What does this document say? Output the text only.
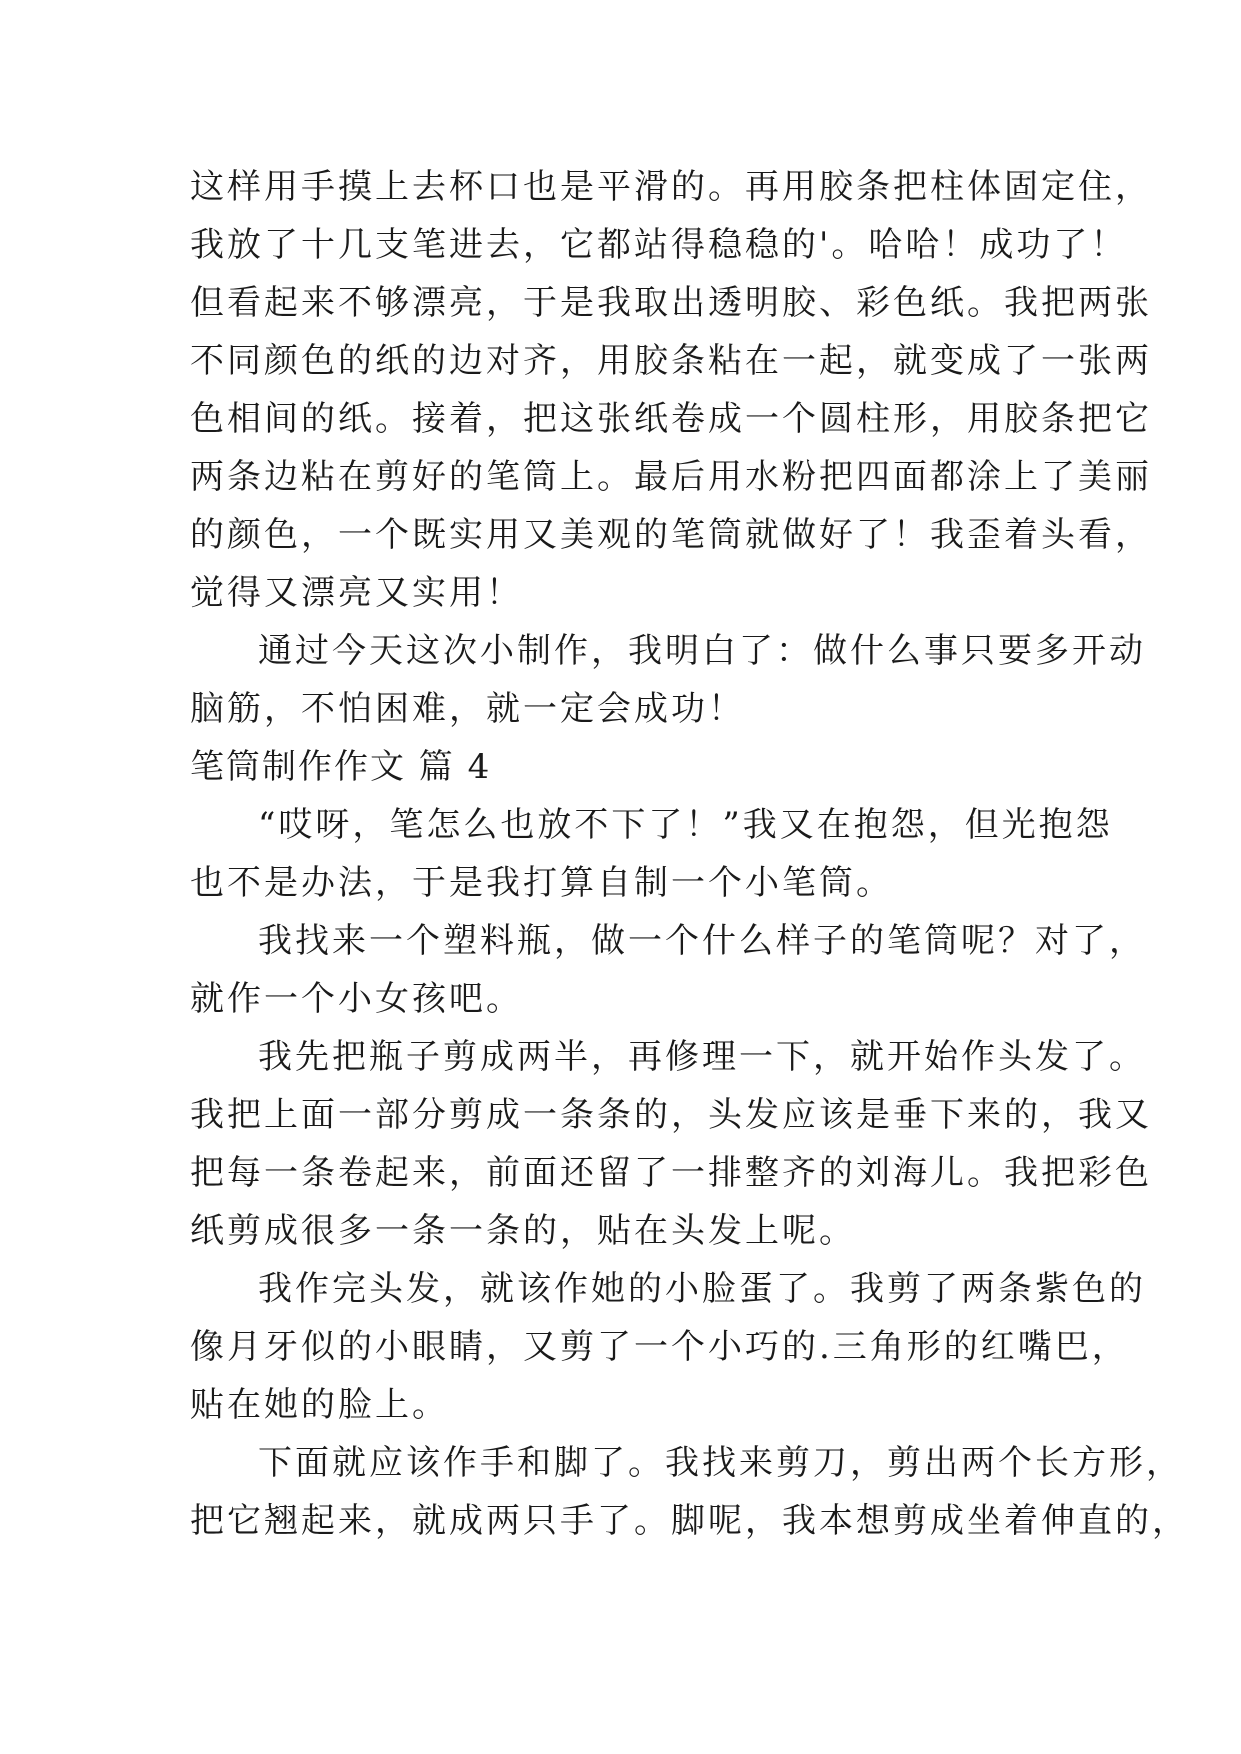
这样用手摸上去杯口也是平滑的。再用胶条把柱体固定住，
我放了十几支笔进去，它都站得稳稳的'。哈哈！成功了！
但看起来不够漂亮，于是我取出透明胶、彩色纸。我把两张
不同颜色的纸的边对齐，用胶条粘在一起，就变成了一张两
色相间的纸。接着，把这张纸卷成一个圆柱形，用胶条把它
两条边粘在剪好的笔筒上。最后用水粉把四面都涂上了美丽
的颜色，一个既实用又美观的笔筒就做好了！我歪着头看，
觉得又漂亮又实用！
通过今天这次小制作，我明白了：做什么事只要多开动
脑筋，不怕困难，就一定会成功！
笔筒制作作文 篇 4
“哎呀，笔怎么也放不下了！”我又在抱怨，但光抱怨
也不是办法，于是我打算自制一个小笔筒。
我找来一个塑料瓶，做一个什么样子的笔筒呢？对了，
就作一个小女孩吧。
我先把瓶子剪成两半，再修理一下，就开始作头发了。
我把上面一部分剪成一条条的，头发应该是垂下来的，我又
把每一条卷起来，前面还留了一排整齐的刘海儿。我把彩色
纸剪成很多一条一条的，贴在头发上呢。
我作完头发，就该作她的小脸蛋了。我剪了两条紫色的
像月牙似的小眼睛，又剪了一个小巧的.三角形的红嘴巴，
贴在她的脸上。
下面就应该作手和脚了。我找来剪刀，剪出两个长方形，
把它翘起来，就成两只手了。脚呢，我本想剪成坐着伸直的，
